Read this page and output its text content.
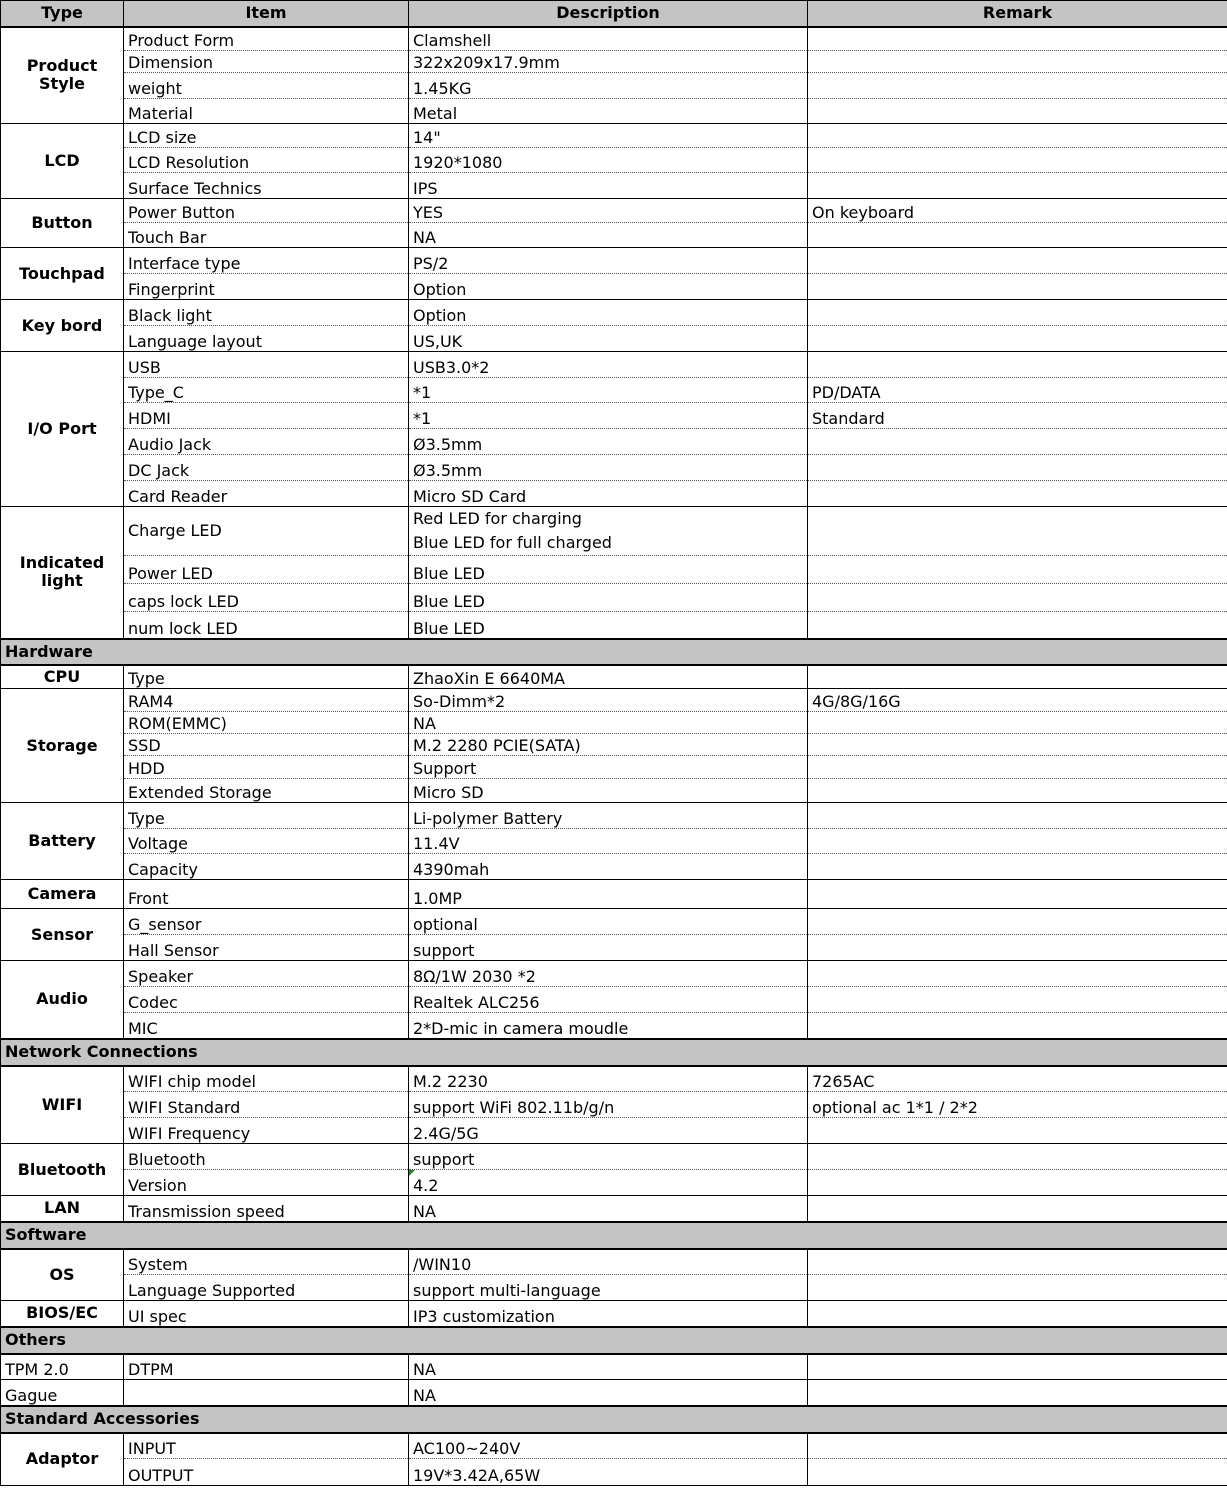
Type	Item	Description	Remark
Product Style	Product Form	Clamshell	
	Dimension	322x209x17.9mm	
	weight	1.45KG	
	Material	Metal	
LCD	LCD size	14"	
	LCD Resolution	1920*1080	
	Surface Technics	IPS	
Button	Power Button	YES	On keyboard
	Touch Bar	NA	
Touchpad	Interface type	PS/2	
	Fingerprint	Option	
Key bord	Black light	Option	
	Language layout	US,UK	
I/O Port	USB	USB3.0*2	
	Type_C	*1	PD/DATA
	HDMI	*1	Standard
	Audio Jack	Ø3.5mm	
	DC Jack	Ø3.5mm	
	Card Reader	Micro SD Card	
Indicated light	Charge LED	Red LED for charging
Blue LED for full charged	

	Power LED	Blue LED	
	caps lock LED	Blue LED	
	num lock LED	Blue LED	
Hardware			
CPU	Type	ZhaoXin E 6640MA	
Storage	RAM4	So-Dimm*2	4G/8G/16G
	ROM(EMMC)	NA	
	SSD	M.2 2280 PCIE(SATA)	
	HDD	Support	
	Extended Storage	Micro SD	
Battery	Type	Li-polymer Battery	
	Voltage	11.4V	
	Capacity	4390mah	
Camera	Front	1.0MP	
Sensor	G_sensor	optional	
	Hall Sensor	support	
Audio	Speaker	8Ω/1W 2030 *2	
	Codec	Realtek ALC256	
	MIC	2*D-mic in camera moudle	
Network Connections			
WIFI	WIFI chip model	M.2 2230	7265AC
	WIFI Standard	support WiFi 802.11b/g/n	optional ac 1*1 / 2*2
	WIFI Frequency	2.4G/5G	
Bluetooth	Bluetooth	support	
	Version	4.2	
LAN	Transmission speed	NA	
Software			
OS	System	/WIN10	
	Language Supported	support multi-language	
BIOS/EC	UI spec	IP3 customization	
Others			
TPM 2.0	DTPM	NA	
Gague		NA	
Standard Accessories			
Adaptor	INPUT	AC100~240V	
	OUTPUT	19V*3.42A,65W	
